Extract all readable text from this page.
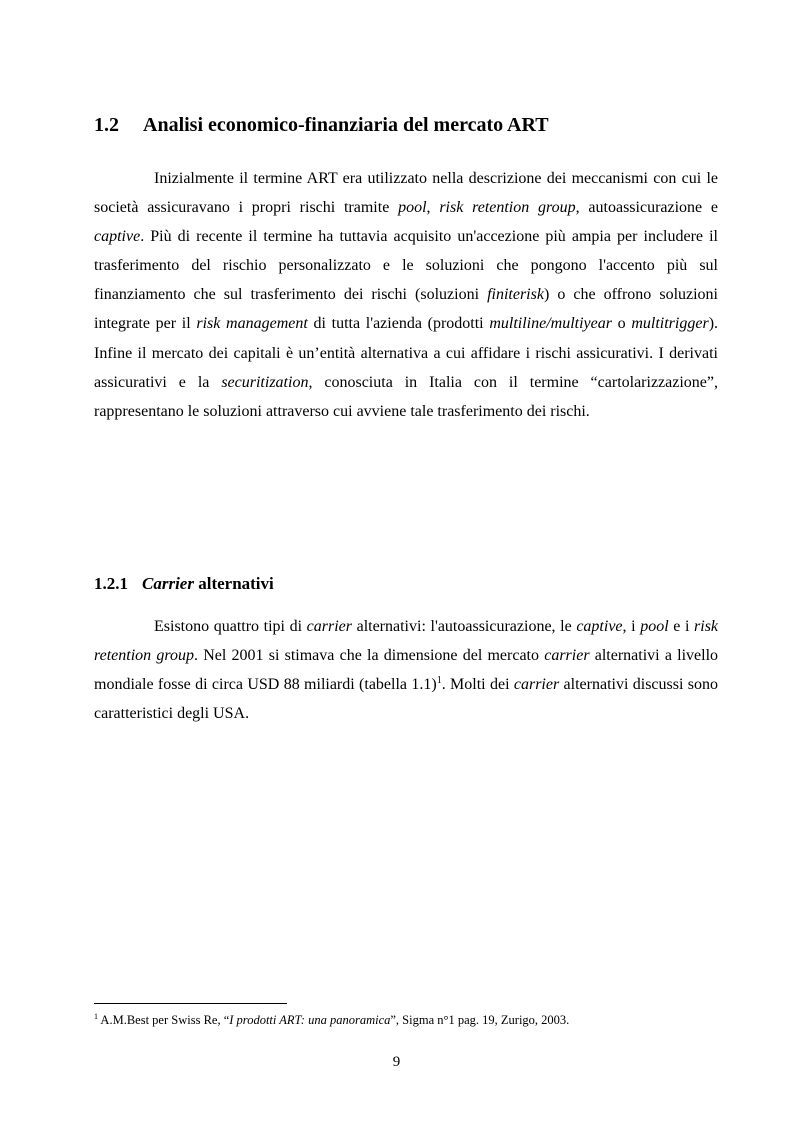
1.2 Analisi economico-finanziaria del mercato ART

Inizialmente il termine ART era utilizzato nella descrizione dei meccanismi con cui le società assicuravano i propri rischi tramite pool, risk retention group, autoassicurazione e captive. Più di recente il termine ha tuttavia acquisito un'accezione più ampia per includere il trasferimento del rischio personalizzato e le soluzioni che pongono l'accento più sul finanziamento che sul trasferimento dei rischi (soluzioni finiterisk) o che offrono soluzioni integrate per il risk management di tutta l'azienda (prodotti multiline/multiyear o multitrigger). Infine il mercato dei capitali è un’entità alternativa a cui affidare i rischi assicurativi. I derivati assicurativi e la securitization, conosciuta in Italia con il termine “cartolarizzazione”, rappresentano le soluzioni attraverso cui avviene tale trasferimento dei rischi.

1.2.1 Carrier alternativi

Esistono quattro tipi di carrier alternativi: l'autoassicurazione, le captive, i pool e i risk retention group. Nel 2001 si stimava che la dimensione del mercato carrier alternativi a livello mondiale fosse di circa USD 88 miliardi (tabella 1.1)$^1$. Molti dei carrier alternativi discussi sono caratteristici degli USA.

$^1$ A.M.Best per Swiss Re, “I prodotti ART: una panoramica”, Sigma n°1 pag. 19, Zurigo, 2003.
9
